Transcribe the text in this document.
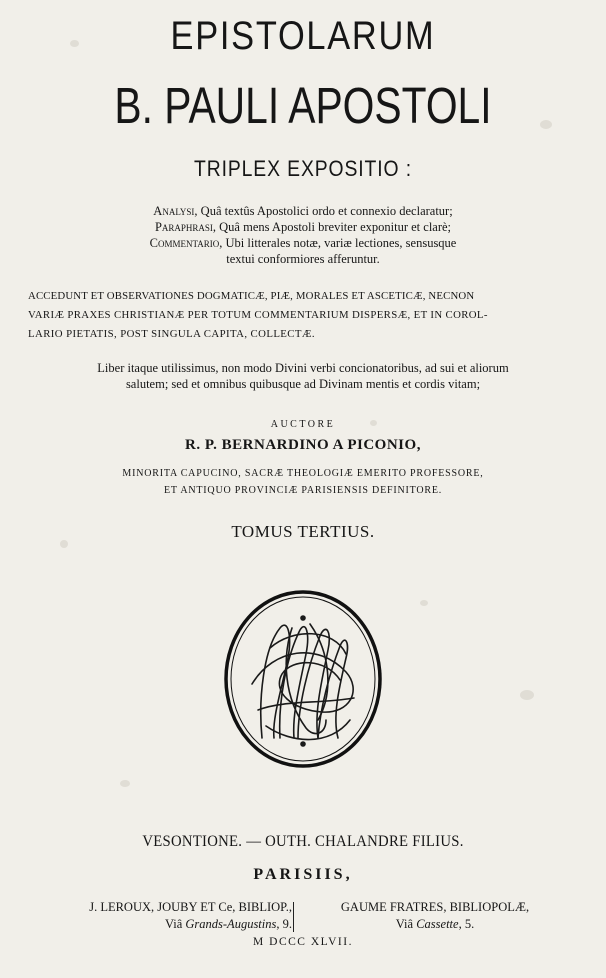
EPISTOLARUM
B. PAULI APOSTOLI
TRIPLEX EXPOSITIO :
Analysi, Quâ textûs Apostolici ordo et connexio declaratur;
Paraphrasi, Quâ mens Apostoli breviter exponitur et clarè;
Commentario, Ubi litterales notæ, variæ lectiones, sensusque
textui conformiores afferuntur.
ACCEDUNT ET OBSERVATIONES DOGMATICÆ, PIÆ, MORALES ET ASCETICÆ, NECNON
VARIÆ PRAXES CHRISTIANÆ PER TOTUM COMMENTARIUM DISPERSÆ, ET IN COROL-
LARIO PIETATIS, POST SINGULA CAPITA, COLLECTÆ.
Liber itaque utilissimus, non modo Divini verbi concionatoribus, ad sui et aliorum
salutem; sed et omnibus quibusque ad Divinam mentis et cordis vitam;
AUCTORE
R. P. BERNARDINO A PICONIO,
MINORITA CAPUCINO, SACRÆ THEOLOGIÆ EMERITO PROFESSORE,
ET ANTIQUO PROVINCIÆ PARISIENSIS DEFINITORE.
TOMUS TERTIUS.
VESONTIONE. — OUTH. CHALANDRE FILIUS.
PARISIIS,
J. LEROUX, JOUBY ET Ce, BIBLIOP.,
Viâ Grands-Augustins, 9.
GAUME FRATRES, BIBLIOPOLÆ,
Viâ Cassette, 5.
M DCCC XLVII.
